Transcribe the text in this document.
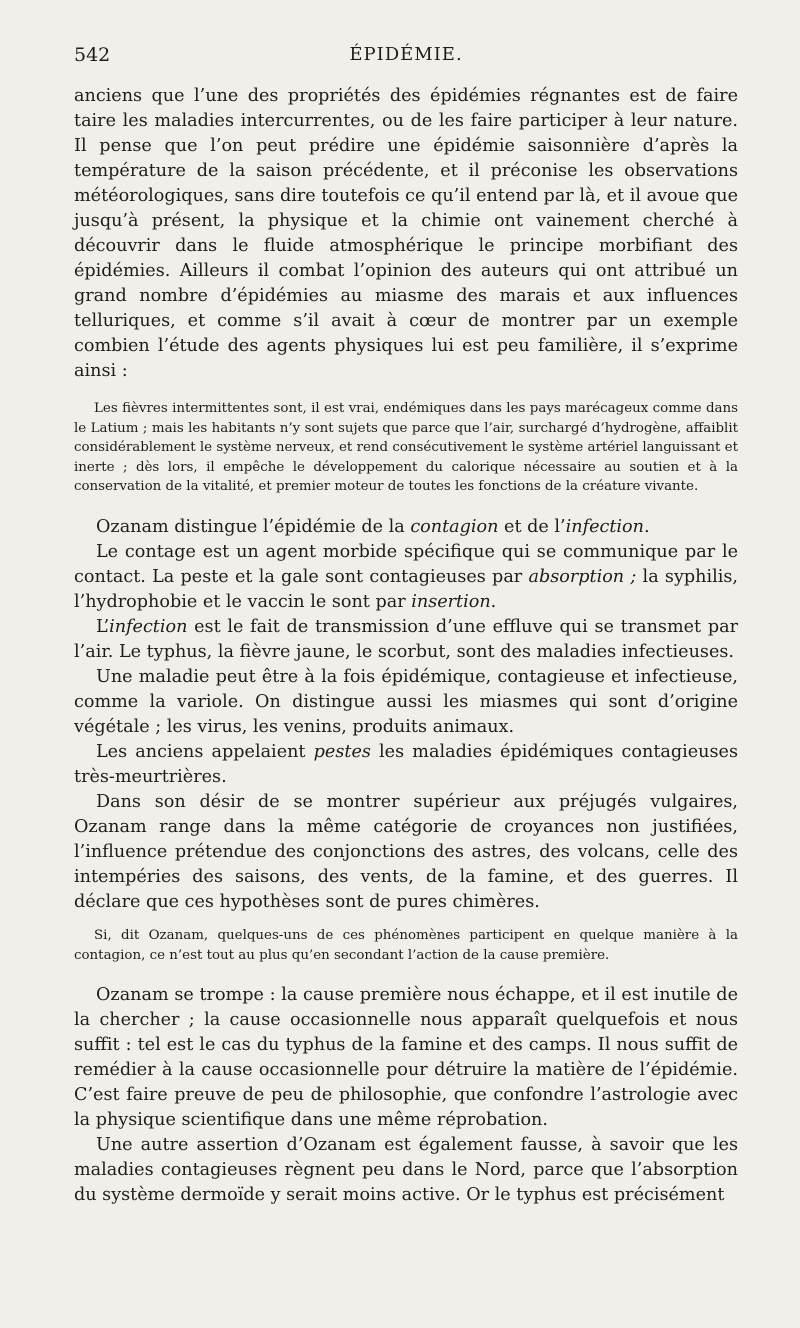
542	ÉPIDÉMIE.

anciens que l’une des propriétés des épidémies régnantes est de faire taire les maladies intercurrentes, ou de les faire participer à leur nature. Il pense que l’on peut prédire une épidémie saisonnière d’après la température de la saison précédente, et il préconise les observations météorologiques, sans dire toutefois ce qu’il entend par là, et il avoue que jusqu’à présent, la physique et la chimie ont vainement cherché à découvrir dans le fluide atmosphérique le principe morbifiant des épidémies. Ailleurs il combat l’opinion des auteurs qui ont attribué un grand nombre d’épidémies au miasme des marais et aux influences telluriques, et comme s’il avait à cœur de montrer par un exemple combien l’étude des agents physiques lui est peu familière, il s’exprime ainsi :

Les fièvres intermittentes sont, il est vrai, endémiques dans les pays marécageux comme dans le Latium ; mais les habitants n’y sont sujets que parce que l’air, surchargé d’hydrogène, affaiblit considérablement le système nerveux, et rend consécutivement le système artériel languissant et inerte ; dès lors, il empêche le développement du calorique nécessaire au soutien et à la conservation de la vitalité, et premier moteur de toutes les fonctions de la créature vivante.

Ozanam distingue l’épidémie de la contagion et de l’infection.

Le contage est un agent morbide spécifique qui se communique par le contact. La peste et la gale sont contagieuses par absorption ; la syphilis, l’hydrophobie et le vaccin le sont par insertion.

L’infection est le fait de transmission d’une effluve qui se transmet par l’air. Le typhus, la fièvre jaune, le scorbut, sont des maladies infectieuses.

Une maladie peut être à la fois épidémique, contagieuse et infectieuse, comme la variole. On distingue aussi les miasmes qui sont d’origine végétale ; les virus, les venins, produits animaux.

Les anciens appelaient pestes les maladies épidémiques contagieuses très-meurtrières.

Dans son désir de se montrer supérieur aux préjugés vulgaires, Ozanam range dans la même catégorie de croyances non justifiées, l’influence prétendue des conjonctions des astres, des volcans, celle des intempéries des saisons, des vents, de la famine, et des guerres. Il déclare que ces hypothèses sont de pures chimères.

Si, dit Ozanam, quelques-uns de ces phénomènes participent en quelque manière à la contagion, ce n’est tout au plus qu’en secondant l’action de la cause première.

Ozanam se trompe : la cause première nous échappe, et il est inutile de la chercher ; la cause occasionnelle nous apparaît quelquefois et nous suffit : tel est le cas du typhus de la famine et des camps. Il nous suffit de remédier à la cause occasionnelle pour détruire la matière de l’épidémie. C’est faire preuve de peu de philosophie, que confondre l’astrologie avec la physique scientifique dans une même réprobation.

Une autre assertion d’Ozanam est également fausse, à savoir que les maladies contagieuses règnent peu dans le Nord, parce que l’absorption du système dermoïde y serait moins active. Or le typhus est précisément
